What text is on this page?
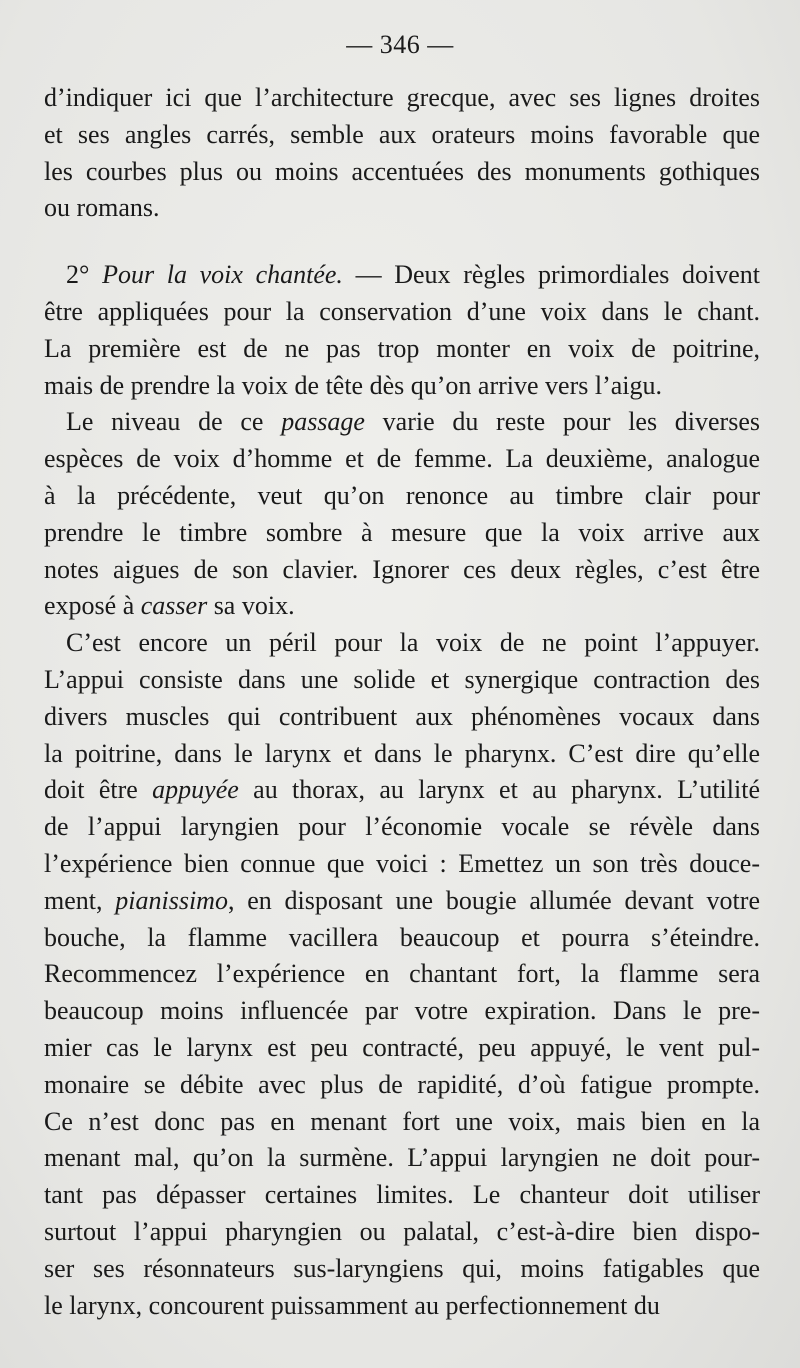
— 346 —
d’indiquer ici que l’architecture grecque, avec ses lignes droites
et ses angles carrés, semble aux orateurs moins favorable que
les courbes plus ou moins accentuées des monuments gothiques
ou romans.
2° Pour la voix chantée. — Deux règles primordiales doivent
être appliquées pour la conservation d’une voix dans le chant.
La première est de ne pas trop monter en voix de poitrine,
mais de prendre la voix de tête dès qu’on arrive vers l’aigu.
Le niveau de ce passage varie du reste pour les diverses
espèces de voix d’homme et de femme. La deuxième, analogue
à la précédente, veut qu’on renonce au timbre clair pour
prendre le timbre sombre à mesure que la voix arrive aux
notes aigues de son clavier. Ignorer ces deux règles, c’est être
exposé à casser sa voix.
C’est encore un péril pour la voix de ne point l’appuyer.
L’appui consiste dans une solide et synergique contraction des
divers muscles qui contribuent aux phénomènes vocaux dans
la poitrine, dans le larynx et dans le pharynx. C’est dire qu’elle
doit être appuyée au thorax, au larynx et au pharynx. L’utilité
de l’appui laryngien pour l’économie vocale se révèle dans
l’expérience bien connue que voici : Emettez un son très douce-
ment, pianissimo, en disposant une bougie allumée devant votre
bouche, la flamme vacillera beaucoup et pourra s’éteindre.
Recommencez l’expérience en chantant fort, la flamme sera
beaucoup moins influencée par votre expiration. Dans le pre-
mier cas le larynx est peu contracté, peu appuyé, le vent pul-
monaire se débite avec plus de rapidité, d’où fatigue prompte.
Ce n’est donc pas en menant fort une voix, mais bien en la
menant mal, qu’on la surmène. L’appui laryngien ne doit pour-
tant pas dépasser certaines limites. Le chanteur doit utiliser
surtout l’appui pharyngien ou palatal, c’est-à-dire bien dispo-
ser ses résonnateurs sus-laryngiens qui, moins fatigables que
le larynx, concourent puissamment au perfectionnement du
